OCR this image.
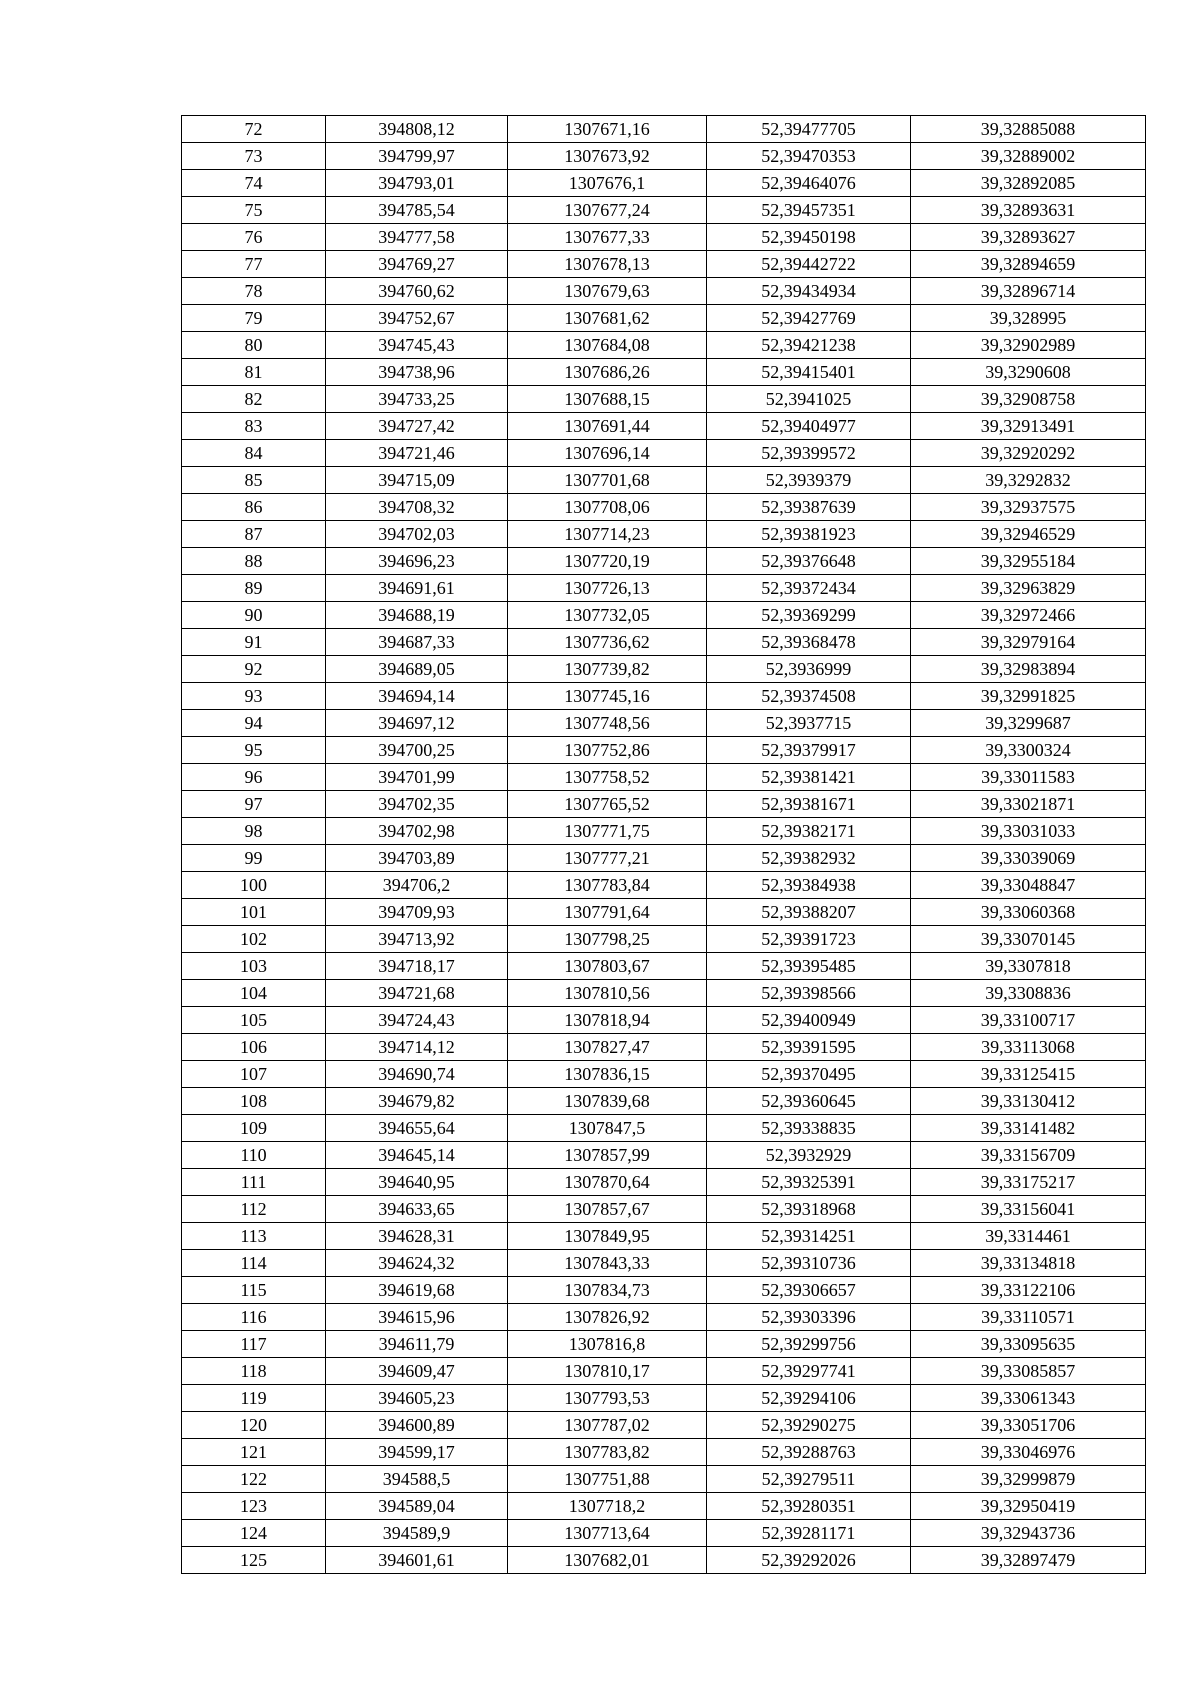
72	394808,12	1307671,16	52,39477705	39,32885088
73	394799,97	1307673,92	52,39470353	39,32889002
74	394793,01	1307676,1	52,39464076	39,32892085
75	394785,54	1307677,24	52,39457351	39,32893631
76	394777,58	1307677,33	52,39450198	39,32893627
77	394769,27	1307678,13	52,39442722	39,32894659
78	394760,62	1307679,63	52,39434934	39,32896714
79	394752,67	1307681,62	52,39427769	39,328995
80	394745,43	1307684,08	52,39421238	39,32902989
81	394738,96	1307686,26	52,39415401	39,3290608
82	394733,25	1307688,15	52,3941025	39,32908758
83	394727,42	1307691,44	52,39404977	39,32913491
84	394721,46	1307696,14	52,39399572	39,32920292
85	394715,09	1307701,68	52,3939379	39,3292832
86	394708,32	1307708,06	52,39387639	39,32937575
87	394702,03	1307714,23	52,39381923	39,32946529
88	394696,23	1307720,19	52,39376648	39,32955184
89	394691,61	1307726,13	52,39372434	39,32963829
90	394688,19	1307732,05	52,39369299	39,32972466
91	394687,33	1307736,62	52,39368478	39,32979164
92	394689,05	1307739,82	52,3936999	39,32983894
93	394694,14	1307745,16	52,39374508	39,32991825
94	394697,12	1307748,56	52,3937715	39,3299687
95	394700,25	1307752,86	52,39379917	39,3300324
96	394701,99	1307758,52	52,39381421	39,33011583
97	394702,35	1307765,52	52,39381671	39,33021871
98	394702,98	1307771,75	52,39382171	39,33031033
99	394703,89	1307777,21	52,39382932	39,33039069
100	394706,2	1307783,84	52,39384938	39,33048847
101	394709,93	1307791,64	52,39388207	39,33060368
102	394713,92	1307798,25	52,39391723	39,33070145
103	394718,17	1307803,67	52,39395485	39,3307818
104	394721,68	1307810,56	52,39398566	39,3308836
105	394724,43	1307818,94	52,39400949	39,33100717
106	394714,12	1307827,47	52,39391595	39,33113068
107	394690,74	1307836,15	52,39370495	39,33125415
108	394679,82	1307839,68	52,39360645	39,33130412
109	394655,64	1307847,5	52,39338835	39,33141482
110	394645,14	1307857,99	52,3932929	39,33156709
111	394640,95	1307870,64	52,39325391	39,33175217
112	394633,65	1307857,67	52,39318968	39,33156041
113	394628,31	1307849,95	52,39314251	39,3314461
114	394624,32	1307843,33	52,39310736	39,33134818
115	394619,68	1307834,73	52,39306657	39,33122106
116	394615,96	1307826,92	52,39303396	39,33110571
117	394611,79	1307816,8	52,39299756	39,33095635
118	394609,47	1307810,17	52,39297741	39,33085857
119	394605,23	1307793,53	52,39294106	39,33061343
120	394600,89	1307787,02	52,39290275	39,33051706
121	394599,17	1307783,82	52,39288763	39,33046976
122	394588,5	1307751,88	52,39279511	39,32999879
123	394589,04	1307718,2	52,39280351	39,32950419
124	394589,9	1307713,64	52,39281171	39,32943736
125	394601,61	1307682,01	52,39292026	39,32897479
